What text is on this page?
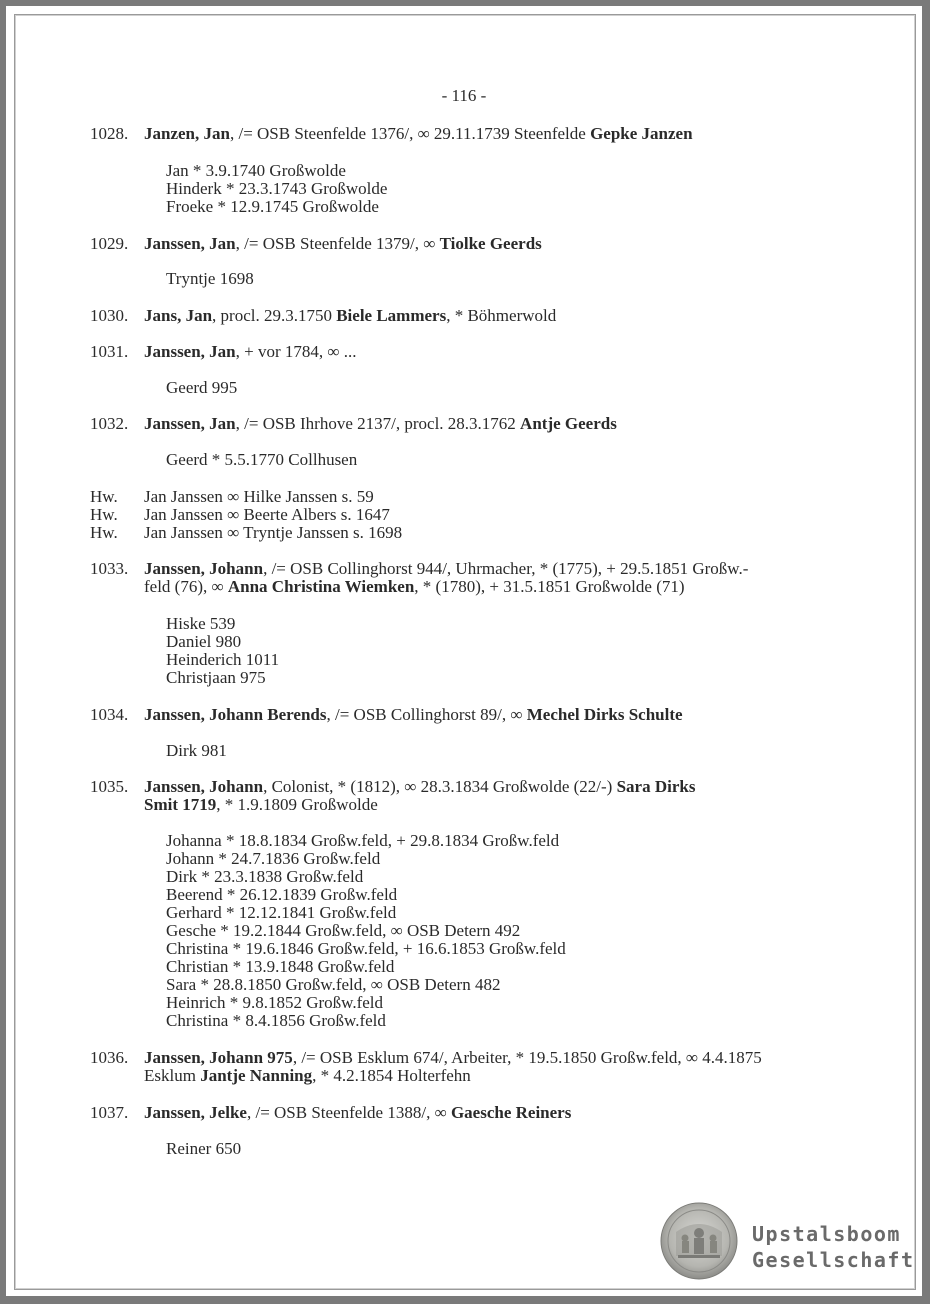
- 116 -
1028. Janzen, Jan, /= OSB Steenfelde 1376/, ∞ 29.11.1739 Steenfelde Gepke Janzen
Jan * 3.9.1740 Großwolde
Hinderk * 23.3.1743 Großwolde
Froeke * 12.9.1745 Großwolde
1029. Janssen, Jan, /= OSB Steenfelde 1379/, ∞ Tiolke Geerds
Tryntje 1698
1030. Jans, Jan, procl. 29.3.1750 Biele Lammers, * Böhmerwold
1031. Janssen, Jan, + vor 1784, ∞ ...
Geerd 995
1032. Janssen, Jan, /= OSB Ihrhove 2137/, procl. 28.3.1762 Antje Geerds
Geerd * 5.5.1770 Collhusen
Hw. Jan Janssen ∞ Hilke Janssen s. 59
Hw. Jan Janssen ∞ Beerte Albers s. 1647
Hw. Jan Janssen ∞ Tryntje Janssen s. 1698
1033. Janssen, Johann, /= OSB Collinghorst 944/, Uhrmacher, * (1775), + 29.5.1851 Großw.-
feld (76), ∞ Anna Christina Wiemken, * (1780), + 31.5.1851 Großwolde (71)
Hiske 539
Daniel 980
Heinderich 1011
Christjaan 975
1034. Janssen, Johann Berends, /= OSB Collinghorst 89/, ∞ Mechel Dirks Schulte
Dirk 981
1035. Janssen, Johann, Colonist, * (1812), ∞ 28.3.1834 Großwolde (22/-) Sara Dirks
Smit 1719, * 1.9.1809 Großwolde
Johanna * 18.8.1834 Großw.feld, + 29.8.1834 Großw.feld
Johann * 24.7.1836 Großw.feld
Dirk * 23.3.1838 Großw.feld
Beerend * 26.12.1839 Großw.feld
Gerhard * 12.12.1841 Großw.feld
Gesche * 19.2.1844 Großw.feld, ∞ OSB Detern 492
Christina * 19.6.1846 Großw.feld, + 16.6.1853 Großw.feld
Christian * 13.9.1848 Großw.feld
Sara * 28.8.1850 Großw.feld, ∞ OSB Detern 482
Heinrich * 9.8.1852 Großw.feld
Christina * 8.4.1856 Großw.feld
1036. Janssen, Johann 975, /= OSB Esklum 674/, Arbeiter, * 19.5.1850 Großw.feld, ∞ 4.4.1875
Esklum Jantje Nanning, * 4.2.1854 Holterfehn
1037. Janssen, Jelke, /= OSB Steenfelde 1388/, ∞ Gaesche Reiners
Reiner 650
Upstalsboom
Gesellschaft
